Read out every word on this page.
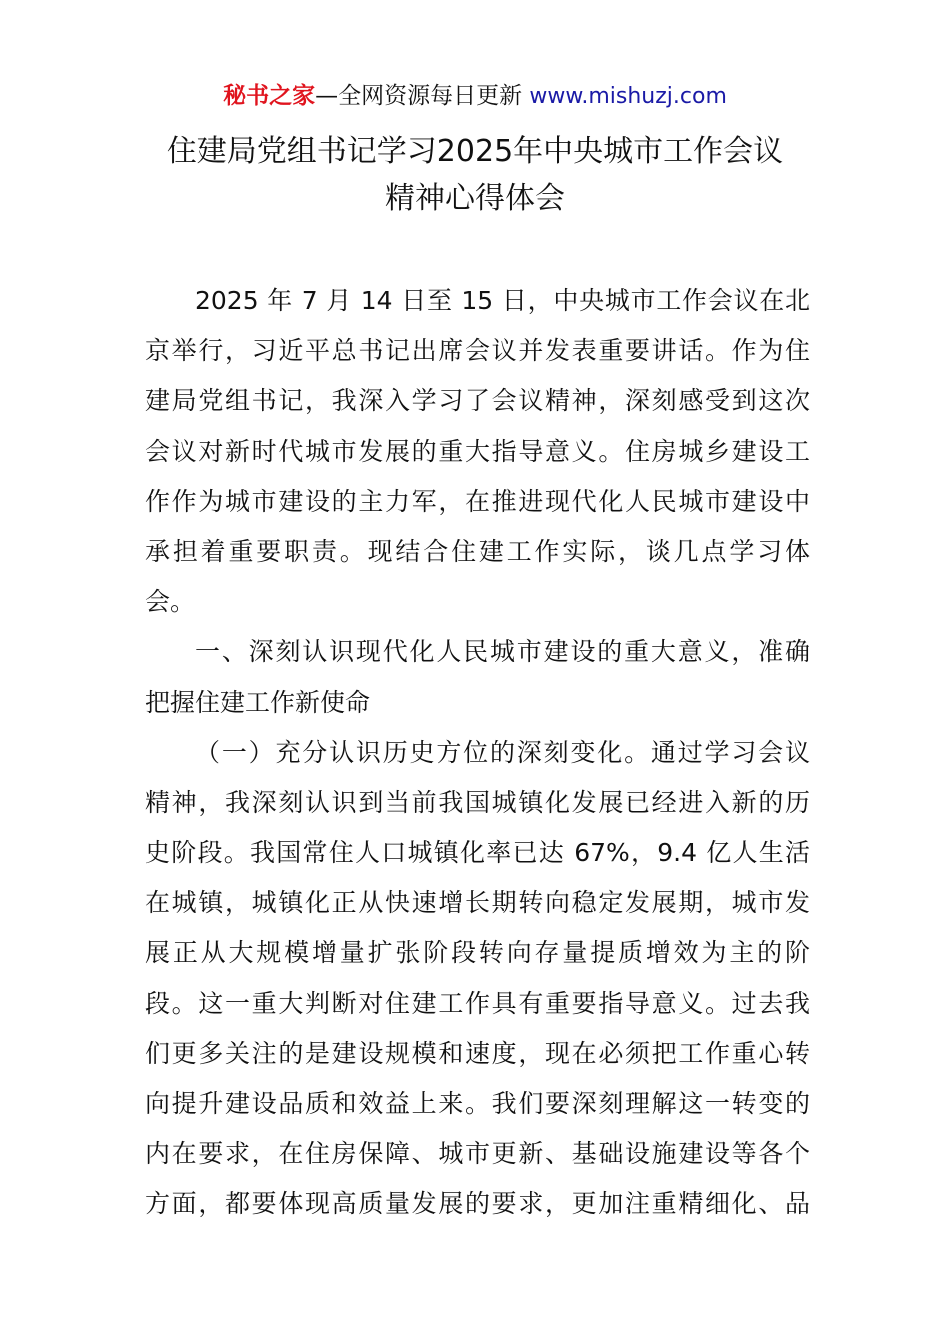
秘书之家—全网资源每日更新 www.mishuzj.com
住建局党组书记学习2025年中央城市工作会议
精神心得体会

2025 年 7 月 14 日至 15 日，中央城市工作会议在北
京举行，习近平总书记出席会议并发表重要讲话。作为住
建局党组书记，我深入学习了会议精神，深刻感受到这次
会议对新时代城市发展的重大指导意义。住房城乡建设工
作作为城市建设的主力军，在推进现代化人民城市建设中
承担着重要职责。现结合住建工作实际，谈几点学习体
会。

一、深刻认识现代化人民城市建设的重大意义，准确
把握住建工作新使命

（一）充分认识历史方位的深刻变化。通过学习会议
精神，我深刻认识到当前我国城镇化发展已经进入新的历
史阶段。我国常住人口城镇化率已达 67%，9.4 亿人生活
在城镇，城镇化正从快速增长期转向稳定发展期，城市发
展正从大规模增量扩张阶段转向存量提质增效为主的阶
段。这一重大判断对住建工作具有重要指导意义。过去我
们更多关注的是建设规模和速度，现在必须把工作重心转
向提升建设品质和效益上来。我们要深刻理解这一转变的
内在要求，在住房保障、城市更新、基础设施建设等各个
方面，都要体现高质量发展的要求，更加注重精细化、品
